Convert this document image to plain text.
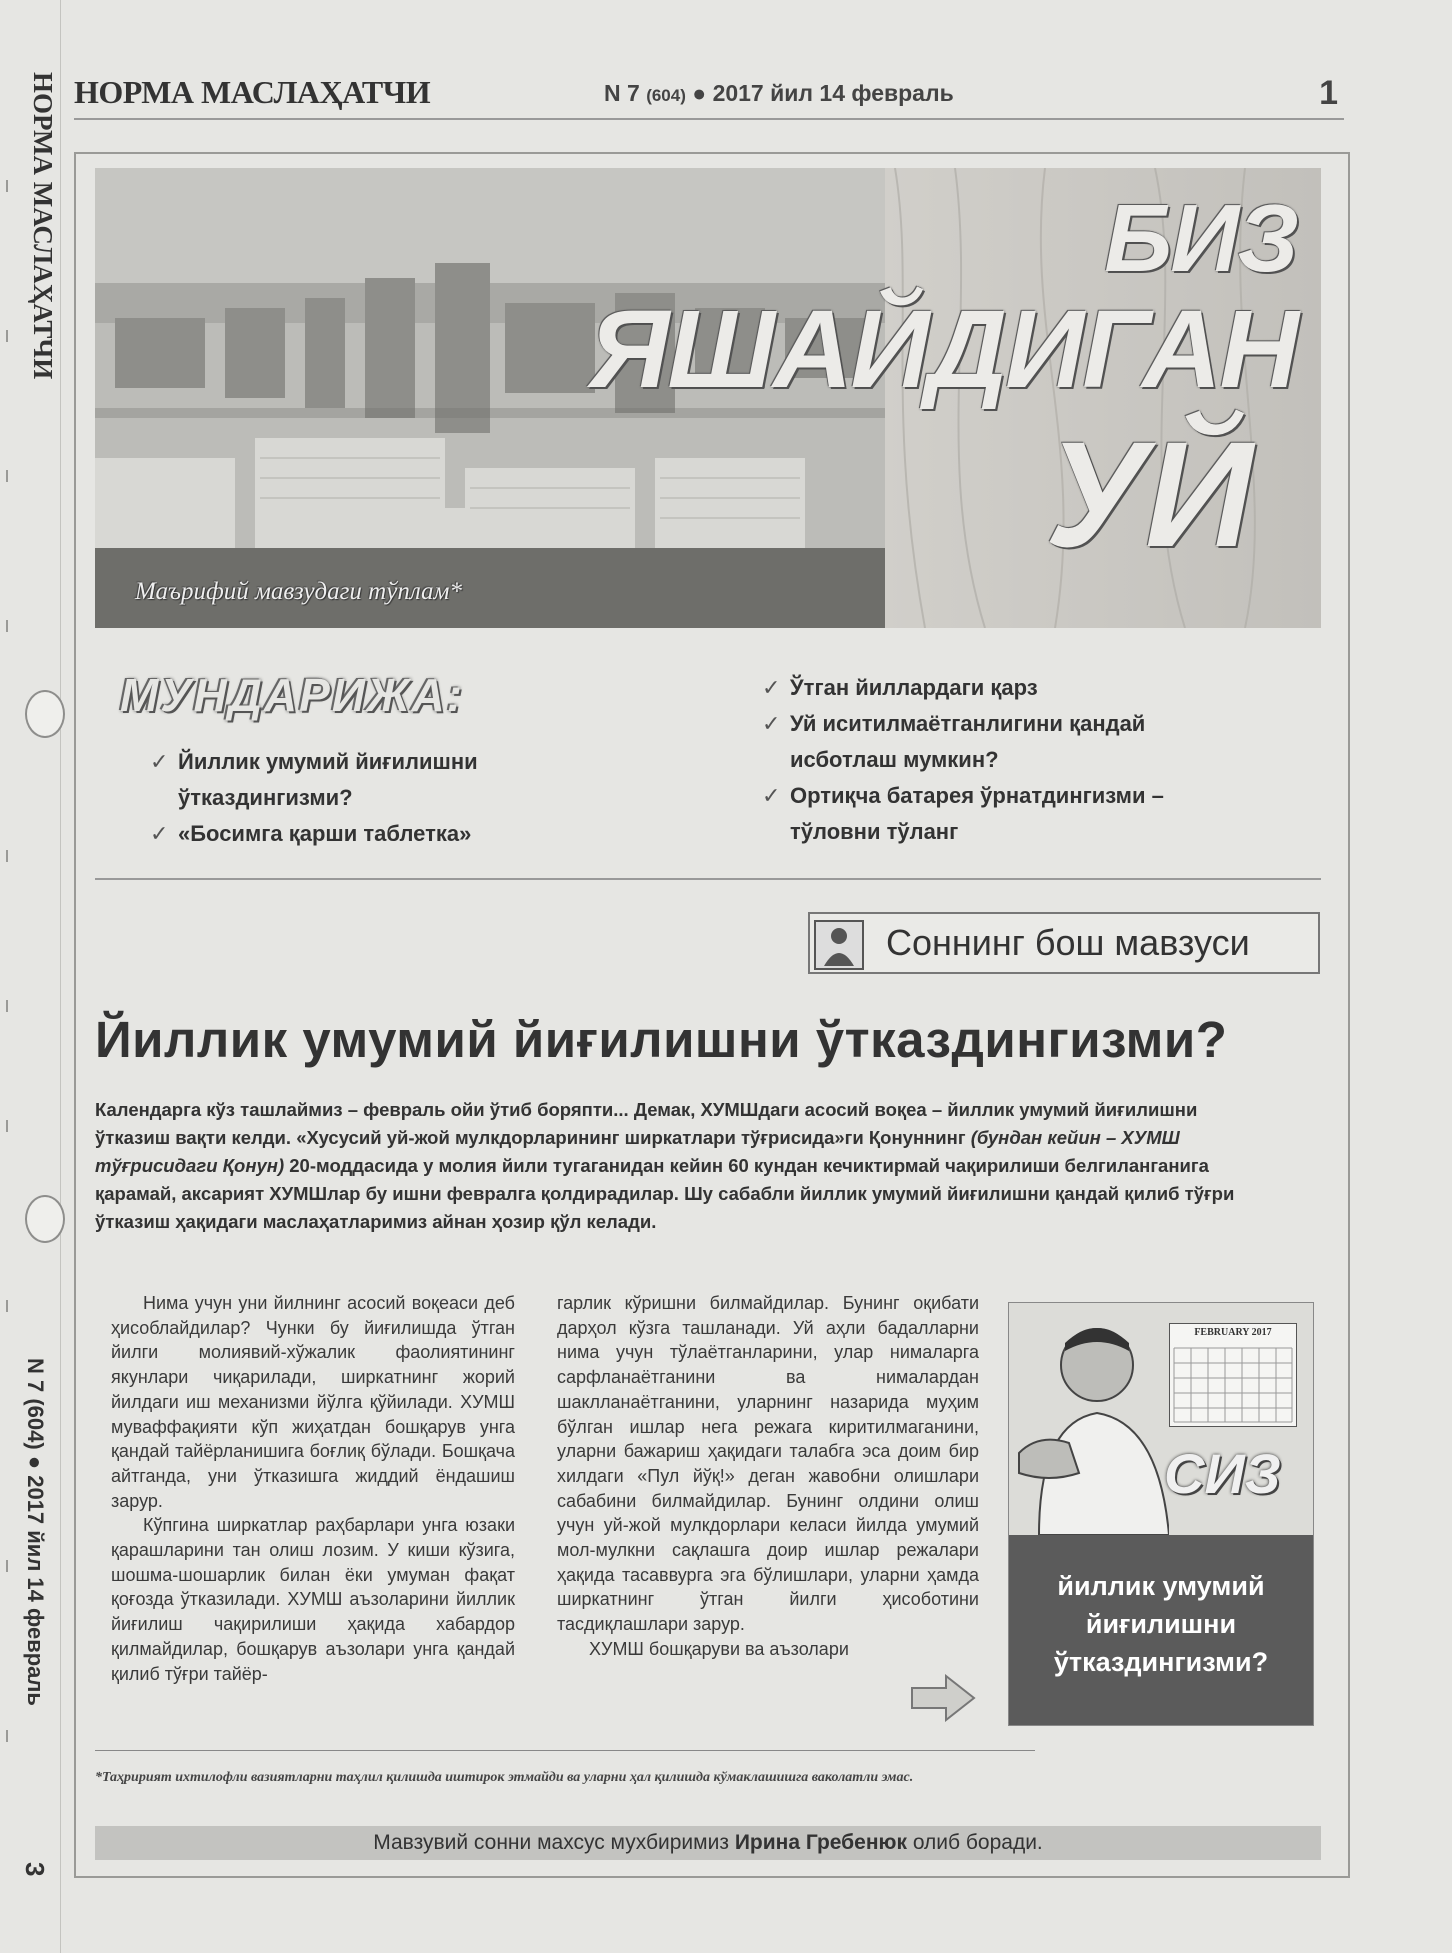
НОРМА МАСЛАҲАТЧИ
N 7 (604) ● 2017 йил 14 февраль
3
НОРМА МАСЛАҲАТЧИ	N 7 (604) ● 2017 йил 14 февраль	1
БИЗ
ЯШАЙДИГАН
УЙ
Маърифий мавзудаги тўплам*
МУНДАРИЖА:
✓ Йиллик умумий йиғилишни ўтказдингизми?
✓ «Босимга қарши таблетка»
✓ Ўтган йиллардаги қарз
✓ Уй иситилмаётганлигини қандай исботлаш мумкин?
✓ Ортиқча батарея ўрнатдингизми – тўловни тўланг
Сoннинг бош мавзуси
Йиллик умумий йиғилишни ўтказдингизми?

Календарга кўз ташлаймиз – февраль ойи ўтиб боряпти... Демак, ХУМШдаги асосий воқеа – йиллик умумий йиғилишни ўтказиш вақти келди. «Хусусий уй-жой мулкдорларининг ширкатлари тўғрисида»ги Қонуннинг (бундан кейин – ХУМШ тўғрисидаги Қонун) 20-моддасида у молия йили тугаганидан кейин 60 кундан кечиктирмай чақирилиши белгиланганига қарамай, аксарият ХУМШлар бу ишни февралга қолдирадилар. Шу сабабли йиллик умумий йиғилишни қандай қилиб тўғри ўтказиш ҳақидаги маслаҳатларимиз айнан ҳозир қўл келади.

Нима учун уни йилнинг асосий воқеаси деб ҳисоблайдилар? Чунки бу йиғилишда ўтган йилги молиявий-хўжалик фаолиятининг якунлари чиқарилади, ширкатнинг жорий йилдаги иш механизми йўлга қўйилади. ХУМШ муваффақияти кўп жиҳатдан бошқарув унга қандай тайёрланишига боғлиқ бўлади. Бошқача айтганда, уни ўтказишга жиддий ёндашиш зарур.

Кўпгина ширкатлар раҳбарлари унга юзаки қарашларини тан олиш лозим. У киши кўзига, шошма-шошарлик билан ёки умуман фақат қоғозда ўтказилади. ХУМШ аъзоларини йиллик йиғилиш чақирилиши ҳақида хабардор қилмайдилар, бошқарув аъзолари унга қандай қилиб тўғри тайёр-

гарлик кўришни билмайдилар. Бунинг оқибати дарҳол кўзга ташланади. Уй аҳли бадалларни нима учун тўлаётганларини, улар нималарга сарфланаётганини ва нималардан шаклланаётганини, уларнинг назарида муҳим бўлган ишлар нега режага киритилмаганини, уларни бажариш ҳақидаги талабга эса доим бир хилдаги «Пул йўқ!» деган жавобни олишлари сабабини билмайдилар. Бунинг олдини олиш учун уй-жой мулкдорлари келаси йилда умумий мол-мулкни сақлашга доир ишлар режалари ҳақида тасаввурга эга бўлишлари, уларни ҳамда ширкатнинг ўтган йилги ҳисоботини тасдиқлашлари зарур.

ХУМШ бошқаруви ва аъзолари

FEBRUARY 2017
СИЗ
йиллик умумий йиғилишни ўтказдингизми?
*Таҳририят ихтилофли вазиятларни таҳлил қилишда иштирок этмайди ва уларни ҳал қилишда кўмаклашишга ваколатли эмас.
Мавзувий сонни махсус мухбиримиз Ирина Гребенюк олиб боради.
